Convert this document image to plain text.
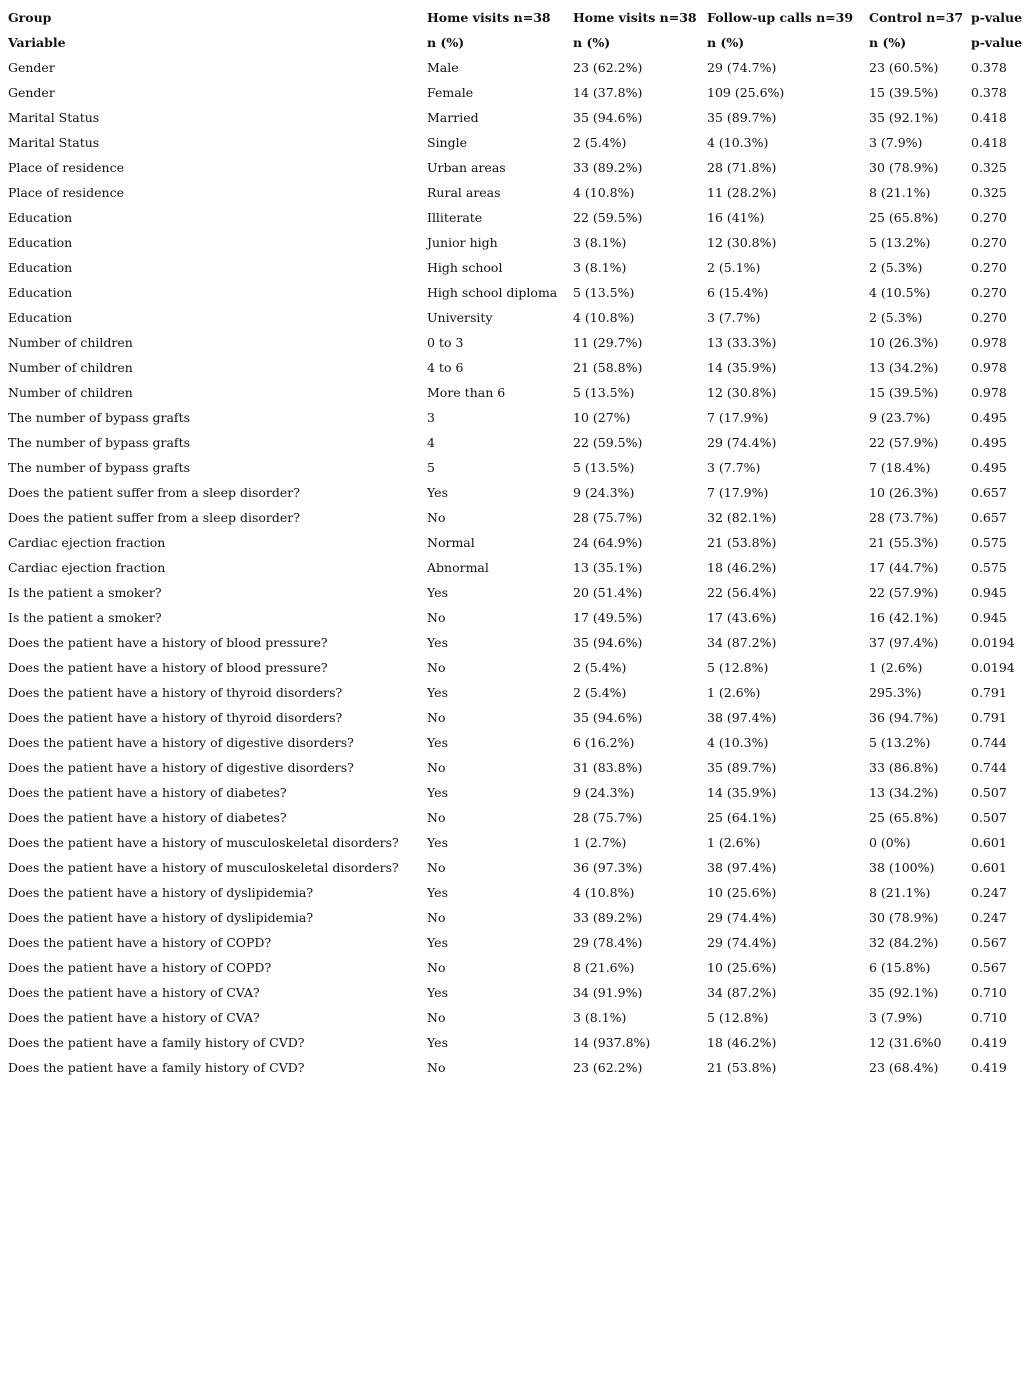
Group	Home visits n=38	Home visits n=38	Follow-up calls n=39	Control n=37	p-value
Variable	n (%)	n (%)	n (%)	n (%)	p-value
Gender	Male	23 (62.2%)	29 (74.7%)	23 (60.5%)	0.378
Gender	Female	14 (37.8%)	109 (25.6%)	15 (39.5%)	0.378
Marital Status	Married	35 (94.6%)	35 (89.7%)	35 (92.1%)	0.418
Marital Status	Single	2 (5.4%)	4 (10.3%)	3 (7.9%)	0.418
Place of residence	Urban areas	33 (89.2%)	28 (71.8%)	30 (78.9%)	0.325
Place of residence	Rural areas	4 (10.8%)	11 (28.2%)	8 (21.1%)	0.325
Education	Illiterate	22 (59.5%)	16 (41%)	25 (65.8%)	0.270
Education	Junior high	3 (8.1%)	12 (30.8%)	5 (13.2%)	0.270
Education	High school	3 (8.1%)	2 (5.1%)	2 (5.3%)	0.270
Education	High school diploma	5 (13.5%)	6 (15.4%)	4 (10.5%)	0.270
Education	University	4 (10.8%)	3 (7.7%)	2 (5.3%)	0.270
Number of children	0 to 3	11 (29.7%)	13 (33.3%)	10 (26.3%)	0.978
Number of children	4 to 6	21 (58.8%)	14 (35.9%)	13 (34.2%)	0.978
Number of children	More than 6	5 (13.5%)	12 (30.8%)	15 (39.5%)	0.978
The number of bypass grafts	3	10 (27%)	7 (17.9%)	9 (23.7%)	0.495
The number of bypass grafts	4	22 (59.5%)	29 (74.4%)	22 (57.9%)	0.495
The number of bypass grafts	5	5 (13.5%)	3 (7.7%)	7 (18.4%)	0.495
Does the patient suffer from a sleep disorder?	Yes	9 (24.3%)	7 (17.9%)	10 (26.3%)	0.657
Does the patient suffer from a sleep disorder?	No	28 (75.7%)	32 (82.1%)	28 (73.7%)	0.657
Cardiac ejection fraction	Normal	24 (64.9%)	21 (53.8%)	21 (55.3%)	0.575
Cardiac ejection fraction	Abnormal	13 (35.1%)	18 (46.2%)	17 (44.7%)	0.575
Is the patient a smoker?	Yes	20 (51.4%)	22 (56.4%)	22 (57.9%)	0.945
Is the patient a smoker?	No	17 (49.5%)	17 (43.6%)	16 (42.1%)	0.945
Does the patient have a history of blood pressure?	Yes	35 (94.6%)	34 (87.2%)	37 (97.4%)	0.0194
Does the patient have a history of blood pressure?	No	2 (5.4%)	5 (12.8%)	1 (2.6%)	0.0194
Does the patient have a history of thyroid disorders?	Yes	2 (5.4%)	1 (2.6%)	295.3%)	0.791
Does the patient have a history of thyroid disorders?	No	35 (94.6%)	38 (97.4%)	36 (94.7%)	0.791
Does the patient have a history of digestive disorders?	Yes	6 (16.2%)	4 (10.3%)	5 (13.2%)	0.744
Does the patient have a history of digestive disorders?	No	31 (83.8%)	35 (89.7%)	33 (86.8%)	0.744
Does the patient have a history of diabetes?	Yes	9 (24.3%)	14 (35.9%)	13 (34.2%)	0.507
Does the patient have a history of diabetes?	No	28 (75.7%)	25 (64.1%)	25 (65.8%)	0.507
Does the patient have a history of musculoskeletal disorders?	Yes	1 (2.7%)	1 (2.6%)	0 (0%)	0.601
Does the patient have a history of musculoskeletal disorders?	No	36 (97.3%)	38 (97.4%)	38 (100%)	0.601
Does the patient have a history of dyslipidemia?	Yes	4 (10.8%)	10 (25.6%)	8 (21.1%)	0.247
Does the patient have a history of dyslipidemia?	No	33 (89.2%)	29 (74.4%)	30 (78.9%)	0.247
Does the patient have a history of COPD?	Yes	29 (78.4%)	29 (74.4%)	32 (84.2%)	0.567
Does the patient have a history of COPD?	No	8 (21.6%)	10 (25.6%)	6 (15.8%)	0.567
Does the patient have a history of CVA?	Yes	34 (91.9%)	34 (87.2%)	35 (92.1%)	0.710
Does the patient have a history of CVA?	No	3 (8.1%)	5 (12.8%)	3 (7.9%)	0.710
Does the patient have a family history of CVD?	Yes	14 (937.8%)	18 (46.2%)	12 (31.6%0	0.419
Does the patient have a family history of CVD?	No	23 (62.2%)	21 (53.8%)	23 (68.4%)	0.419
